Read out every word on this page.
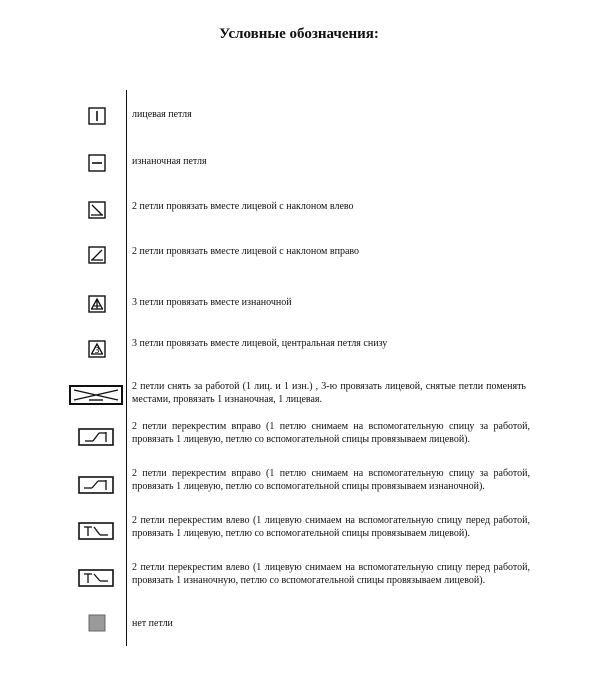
Условные обозначения:
лицевая петля
изнаночная петля
2 петли провязать вместе лицевой с наклоном влево
2 петли провязать вместе лицевой с наклоном вправо
3 петли провязать вместе изнаночной
3
3 петли провязать вместе лицевой, центральная петля снизу
2 петли снять за работой (1 лиц. и 1 изн.) , 3-ю провязать лицевой, снятые петли поменять местами, провязать 1 изнаночная, 1 лицевая.
2 петли перекрестим вправо (1 петлю снимаем на вспомогательную спицу за работой, провязать 1 лицевую, петлю со вспомогательной спицы провязываем лицевой).
2 петли перекрестим вправо (1 петлю снимаем на вспомогательную спицу за работой, провязать 1 лицевую, петлю со вспомогательной спицы провязываем изнаночной).
2 петли перекрестим влево (1 лицевую снимаем на вспомогательную спицу перед работой, провязать 1 лицевую, петлю со вспомогательной спицы провязываем лицевой).
2 петли перекрестим влево (1 лицевую снимаем на вспомогательную спицу перед работой, провязать 1 изнаночную, петлю со вспомогательной спицы провязываем лицевой).
нет петли
